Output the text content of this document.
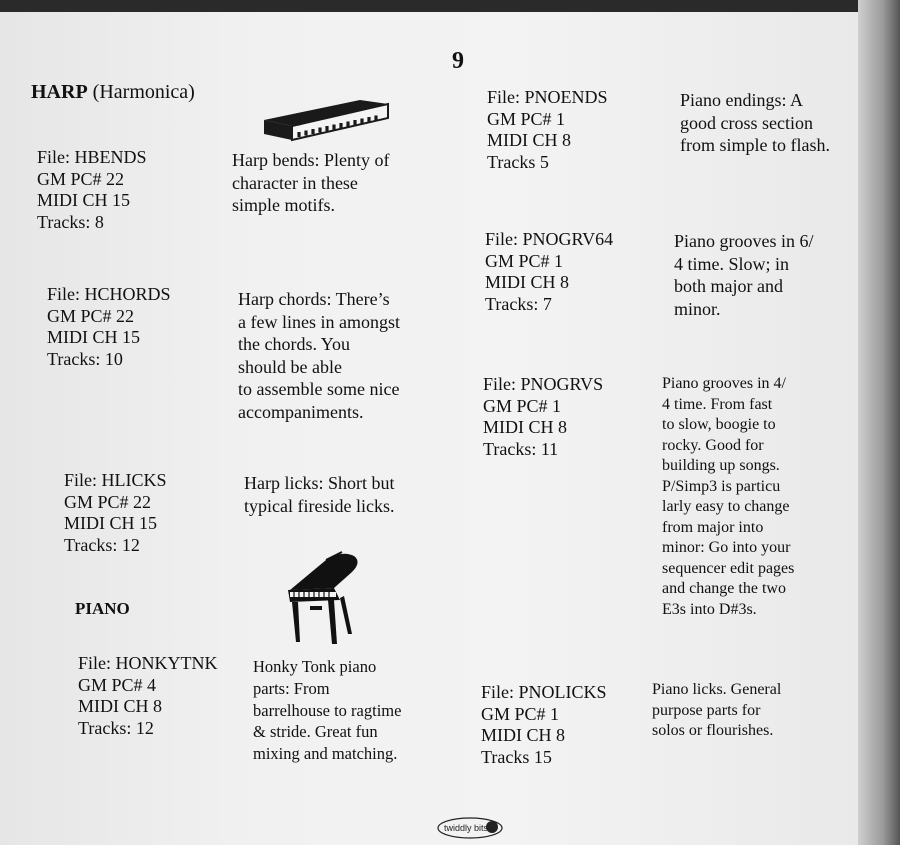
9
HARP (Harmonica)
File: HBENDS
GM PC# 22
MIDI CH 15
Tracks: 8
Harp bends: Plenty of
character in these
simple motifs.
File: HCHORDS
GM PC# 22
MIDI CH 15
Tracks: 10
Harp chords: There’s
a few lines in amongst
the chords. You
should be able
to assemble some nice
accompaniments.
File: HLICKS
GM PC# 22
MIDI CH 15
Tracks: 12
Harp licks: Short but
typical fireside licks.
PIANO
File: HONKYTNK
GM PC# 4
MIDI CH 8
Tracks: 12
Honky Tonk piano
parts: From
barrelhouse to ragtime
& stride. Great fun
mixing and matching.
File: PNOENDS
GM PC# 1
MIDI CH 8
Tracks 5
Piano endings: A
good cross section
from simple to flash.
File: PNOGRV64
GM PC# 1
MIDI CH 8
Tracks: 7
Piano grooves in 6/
4 time. Slow; in
both major and
minor.
File: PNOGRVS
GM PC# 1
MIDI CH 8
Tracks: 11
Piano grooves in 4/
4 time. From fast
to slow, boogie to
rocky. Good for
building up songs.
P/Simp3 is particu
larly easy to change
from major into
minor: Go into your
sequencer edit pages
and change the two
E3s into D#3s.
File: PNOLICKS
GM PC# 1
MIDI CH 8
Tracks 15
Piano licks. General
purpose parts for
solos or flourishes.
twiddly bits
